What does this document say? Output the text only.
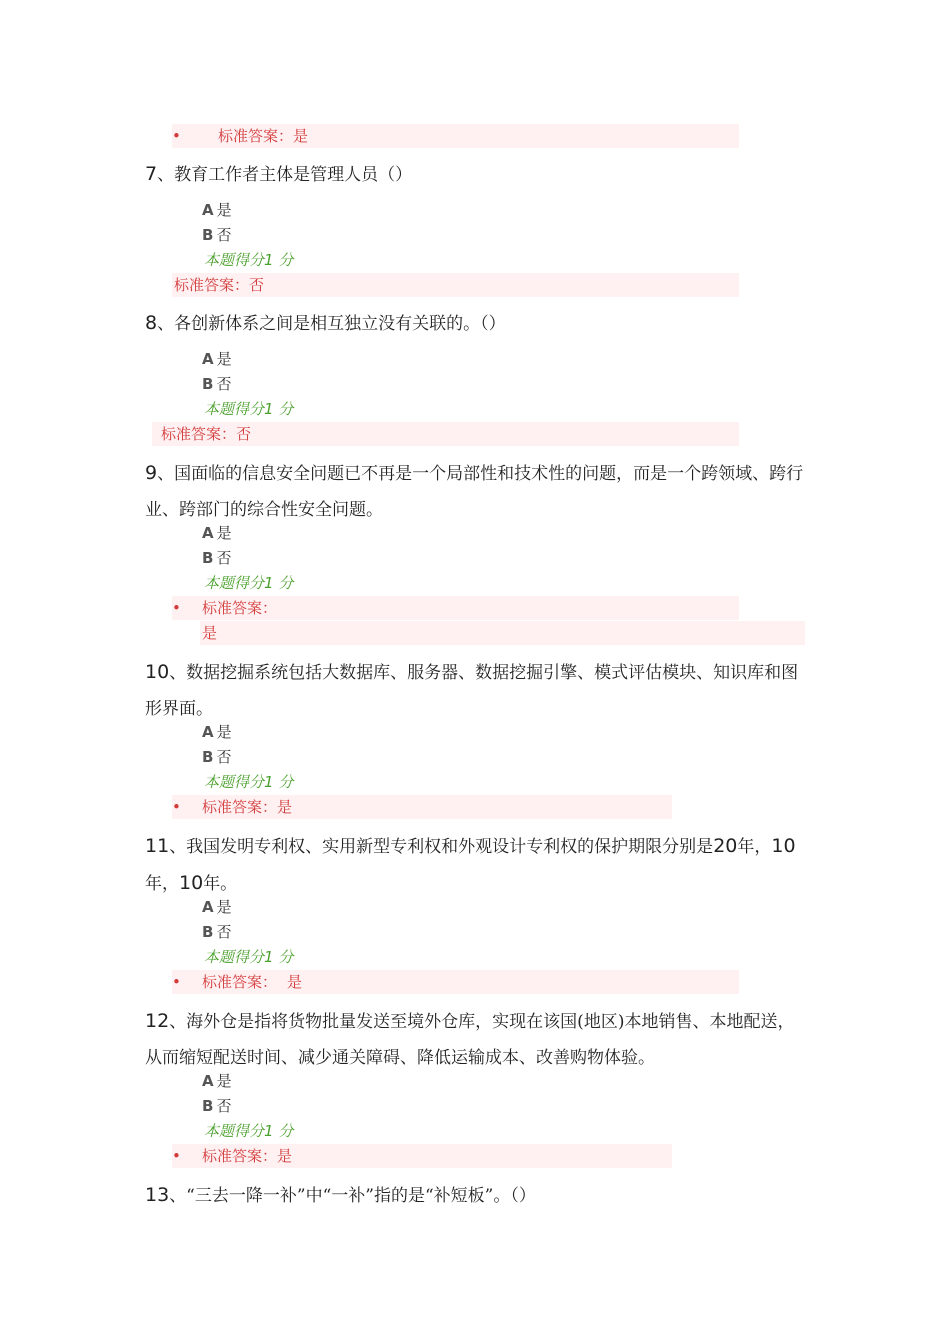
• 标准答案：是
7、教育工作者主体是管理人员（）
A 是
B 否
本题得分1 分
标准答案：否
8、各创新体系之间是相互独立没有关联的。（）
A 是
B 否
本题得分1 分
标准答案：否
9、国面临的信息安全问题已不再是一个局部性和技术性的问题，而是一个跨领域、跨行业、跨部门的综合性安全问题。
A 是
B 否
本题得分1 分
• 标准答案：
是
10、数据挖掘系统包括大数据库、服务器、数据挖掘引擎、模式评估模块、知识库和图形界面。
A 是
B 否
本题得分1 分
• 标准答案：是
11、我国发明专利权、实用新型专利权和外观设计专利权的保护期限分别是20年，10年，10年。
A 是
B 否
本题得分1 分
• 标准答案： 是
12、海外仓是指将货物批量发送至境外仓库，实现在该国(地区)本地销售、本地配送，从而缩短配送时间、减少通关障碍、降低运输成本、改善购物体验。
A 是
B 否
本题得分1 分
• 标准答案：是
13、“三去一降一补”中“一补”指的是“补短板”。（）
